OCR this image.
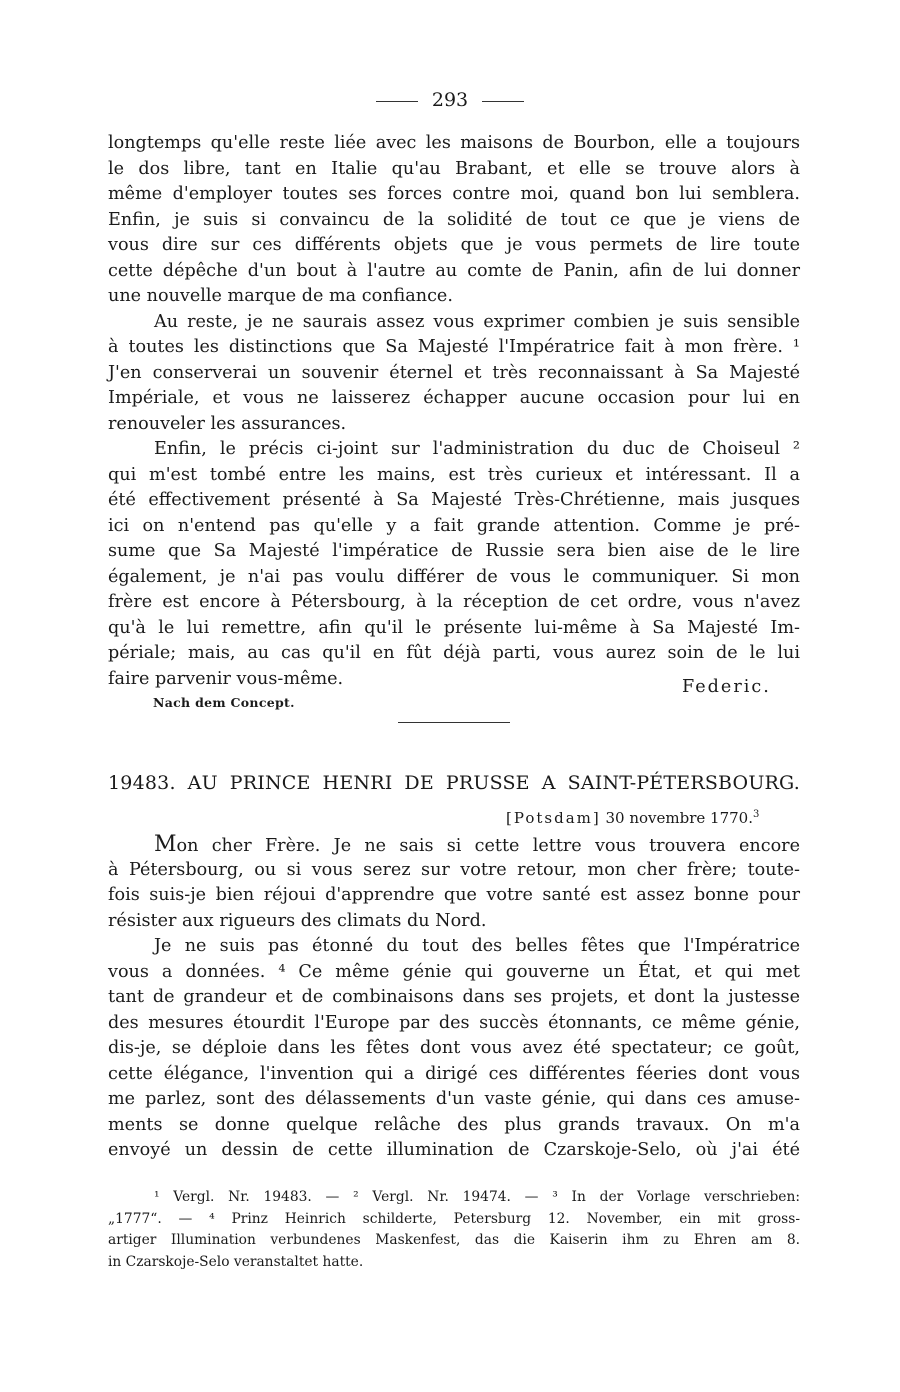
293
longtemps qu'elle reste liée avec les maisons de Bourbon, elle a toujours
le dos libre, tant en Italie qu'au Brabant, et elle se trouve alors à
même d'employer toutes ses forces contre moi, quand bon lui semblera.
Enfin, je suis si convaincu de la solidité de tout ce que je viens de
vous dire sur ces différents objets que je vous permets de lire toute
cette dépêche d'un bout à l'autre au comte de Panin, afin de lui donner
une nouvelle marque de ma confiance.
Au reste, je ne saurais assez vous exprimer combien je suis sensible
à toutes les distinctions que Sa Majesté l'Impératrice fait à mon frère. ¹
J'en conserverai un souvenir éternel et très reconnaissant à Sa Majesté
Impériale, et vous ne laisserez échapper aucune occasion pour lui en
renouveler les assurances.
Enfin, le précis ci-joint sur l'administration du duc de Choiseul ²
qui m'est tombé entre les mains, est très curieux et intéressant. Il a
été effectivement présenté à Sa Majesté Très-Chrétienne, mais jusques
ici on n'entend pas qu'elle y a fait grande attention. Comme je pré-
sume que Sa Majesté l'impératice de Russie sera bien aise de le lire
également, je n'ai pas voulu différer de vous le communiquer. Si mon
frère est encore à Pétersbourg, à la réception de cet ordre, vous n'avez
qu'à le lui remettre, afin qu'il le présente lui-même à Sa Majesté Im-
périale; mais, au cas qu'il en fût déjà parti, vous aurez soin de le lui
faire parvenir vous-même.	Federic.
Nach dem Concept.
19483. AU PRINCE HENRI DE PRUSSE A SAINT-PÉTERSBOURG.
[Potsdam] 30 novembre 1770.$^3$
Mon cher Frère. Je ne sais si cette lettre vous trouvera encore
à Pétersbourg, ou si vous serez sur votre retour, mon cher frère; toute-
fois suis-je bien réjoui d'apprendre que votre santé est assez bonne pour
résister aux rigueurs des climats du Nord.
Je ne suis pas étonné du tout des belles fêtes que l'Impératrice
vous a données. ⁴ Ce même génie qui gouverne un État, et qui met
tant de grandeur et de combinaisons dans ses projets, et dont la justesse
des mesures étourdit l'Europe par des succès étonnants, ce même génie,
dis-je, se déploie dans les fêtes dont vous avez été spectateur; ce goût,
cette élégance, l'invention qui a dirigé ces différentes féeries dont vous
me parlez, sont des délassements d'un vaste génie, qui dans ces amuse-
ments se donne quelque relâche des plus grands travaux. On m'a
envoyé un dessin de cette illumination de Czarskoje-Selo, où j'ai été
¹ Vergl. Nr. 19483. — ² Vergl. Nr. 19474. — ³ In der Vorlage verschrieben:
„1777“. — ⁴ Prinz Heinrich schilderte, Petersburg 12. November, ein mit gross-
artiger Illumination verbundenes Maskenfest, das die Kaiserin ihm zu Ehren am 8.
in Czarskoje-Selo veranstaltet hatte.
